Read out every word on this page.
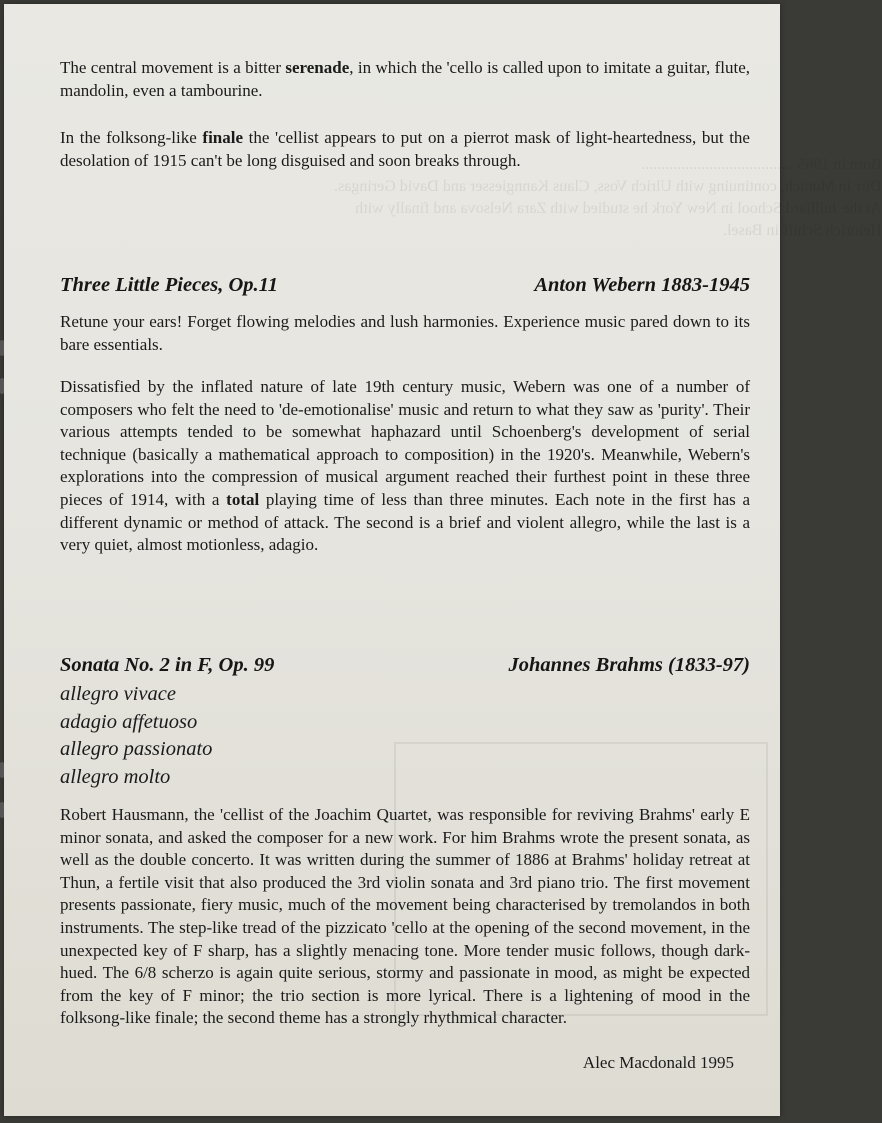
Born in 1965 ......................................
Dirr in Munich, continuing with Ulrich Voss, Claus Kanngiesser and David Geringas.
At the Juilliard School in New York he studied with Zara Nelsova and finally with
Heinrich Schiff in Basel.
The central movement is a bitter serenade, in which the 'cello is called upon to imitate a guitar, flute, mandolin, even a tambourine.
In the folksong-like finale the 'cellist appears to put on a pierrot mask of light-heartedness, but the desolation of 1915 can't be long disguised and soon breaks through.
Three Little Pieces, Op.11	Anton Webern 1883-1945
Retune your ears! Forget flowing melodies and lush harmonies. Experience music pared down to its bare essentials.
Dissatisfied by the inflated nature of late 19th century music, Webern was one of a number of composers who felt the need to 'de-emotionalise' music and return to what they saw as 'purity'. Their various attempts tended to be somewhat haphazard until Schoenberg's development of serial technique (basically a mathematical approach to composition) in the 1920's. Meanwhile, Webern's explorations into the compression of musical argument reached their furthest point in these three pieces of 1914, with a total playing time of less than three minutes. Each note in the first has a different dynamic or method of attack. The second is a brief and violent allegro, while the last is a very quiet, almost motionless, adagio.
Sonata No. 2 in F, Op. 99	Johannes Brahms (1833-97)
allegro vivace
adagio affetuoso
allegro passionato
allegro molto
Robert Hausmann, the 'cellist of the Joachim Quartet, was responsible for reviving Brahms' early E minor sonata, and asked the composer for a new work. For him Brahms wrote the present sonata, as well as the double concerto. It was written during the summer of 1886 at Brahms' holiday retreat at Thun, a fertile visit that also produced the 3rd violin sonata and 3rd piano trio. The first movement presents passionate, fiery music, much of the movement being characterised by tremolandos in both instruments. The step-like tread of the pizzicato 'cello at the opening of the second movement, in the unexpected key of F sharp, has a slightly menacing tone. More tender music follows, though dark-hued. The 6/8 scherzo is again quite serious, stormy and passionate in mood, as might be expected from the key of F minor; the trio section is more lyrical. There is a lightening of mood in the folksong-like finale; the second theme has a strongly rhythmical character.
Alec Macdonald 1995
